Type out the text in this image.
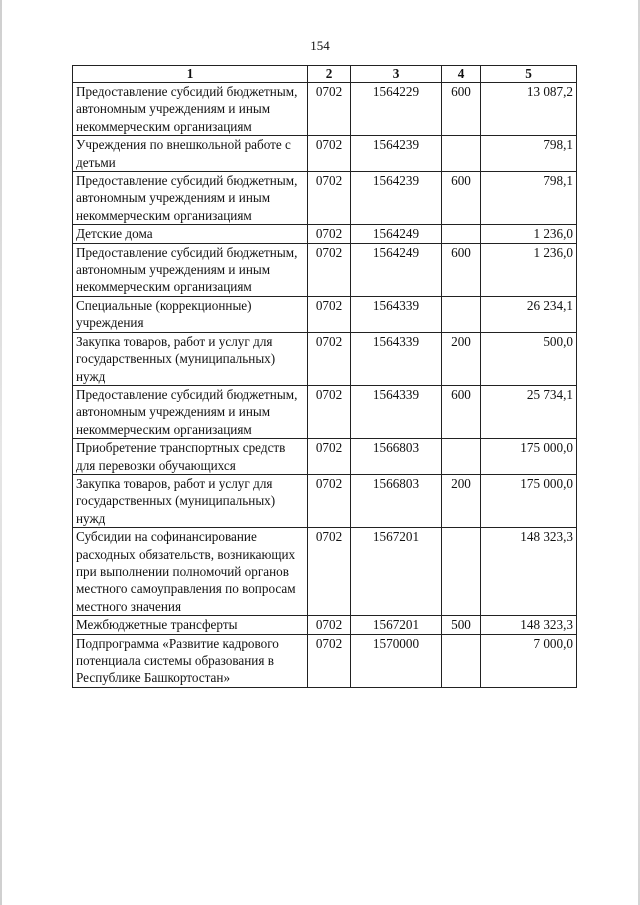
154
1	2	3	4	5
Предоставление субсидий бюджетным, автономным учреждениям и иным некоммерческим организациям	0702	1564229	600	13 087,2
Учреждения по внешкольной работе с детьми	0702	1564239		798,1
Предоставление субсидий бюджетным, автономным учреждениям и иным некоммерческим организациям	0702	1564239	600	798,1
Детские дома	0702	1564249		1 236,0
Предоставление субсидий бюджетным, автономным учреждениям и иным некоммерческим организациям	0702	1564249	600	1 236,0
Специальные (коррекционные) учреждения	0702	1564339		26 234,1
Закупка товаров, работ и услуг для государственных (муниципальных) нужд	0702	1564339	200	500,0
Предоставление субсидий бюджетным, автономным учреждениям и иным некоммерческим организациям	0702	1564339	600	25 734,1
Приобретение транспортных средств для перевозки обучающихся	0702	1566803		175 000,0
Закупка товаров, работ и услуг для государственных (муниципальных) нужд	0702	1566803	200	175 000,0
Субсидии на софинансирование расходных обязательств, возникающих при выполнении полномочий органов местного самоуправления по вопросам местного значения	0702	1567201		148 323,3
Межбюджетные трансферты	0702	1567201	500	148 323,3
Подпрограмма «Развитие кадрового потенциала системы образования в Республике Башкортостан»	0702	1570000		7 000,0
